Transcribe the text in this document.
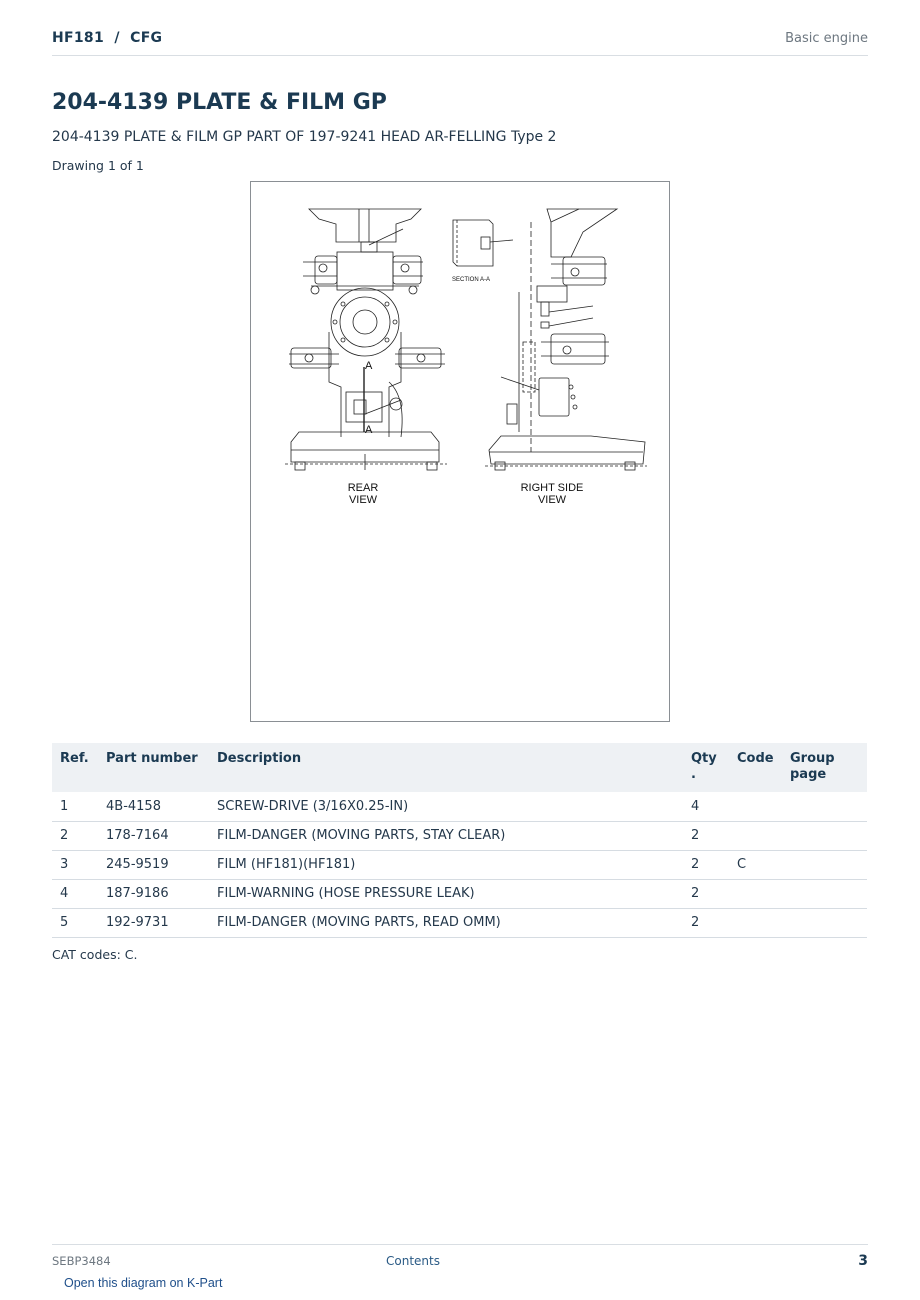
HF181  /  CFG	Basic engine
204-4139 PLATE & FILM GP
204-4139 PLATE & FILM GP PART OF 197-9241 HEAD AR-FELLING Type 2
Drawing 1 of 1
A
A
SECTION A-A
REAR
VIEW
RIGHT SIDE
VIEW
Ref.	Part number	Description	Qty .	Code	Group page
1	4B-4158	SCREW-DRIVE (3/16X0.25-IN)	4		
2	178-7164	FILM-DANGER (MOVING PARTS, STAY CLEAR)	2		
3	245-9519	FILM (HF181)(HF181)	2	C	
4	187-9186	FILM-WARNING (HOSE PRESSURE LEAK)	2		
5	192-9731	FILM-DANGER (MOVING PARTS, READ OMM)	2		
CAT codes: C.
SEBP3484	Contents	3
Open this diagram on K-Part
